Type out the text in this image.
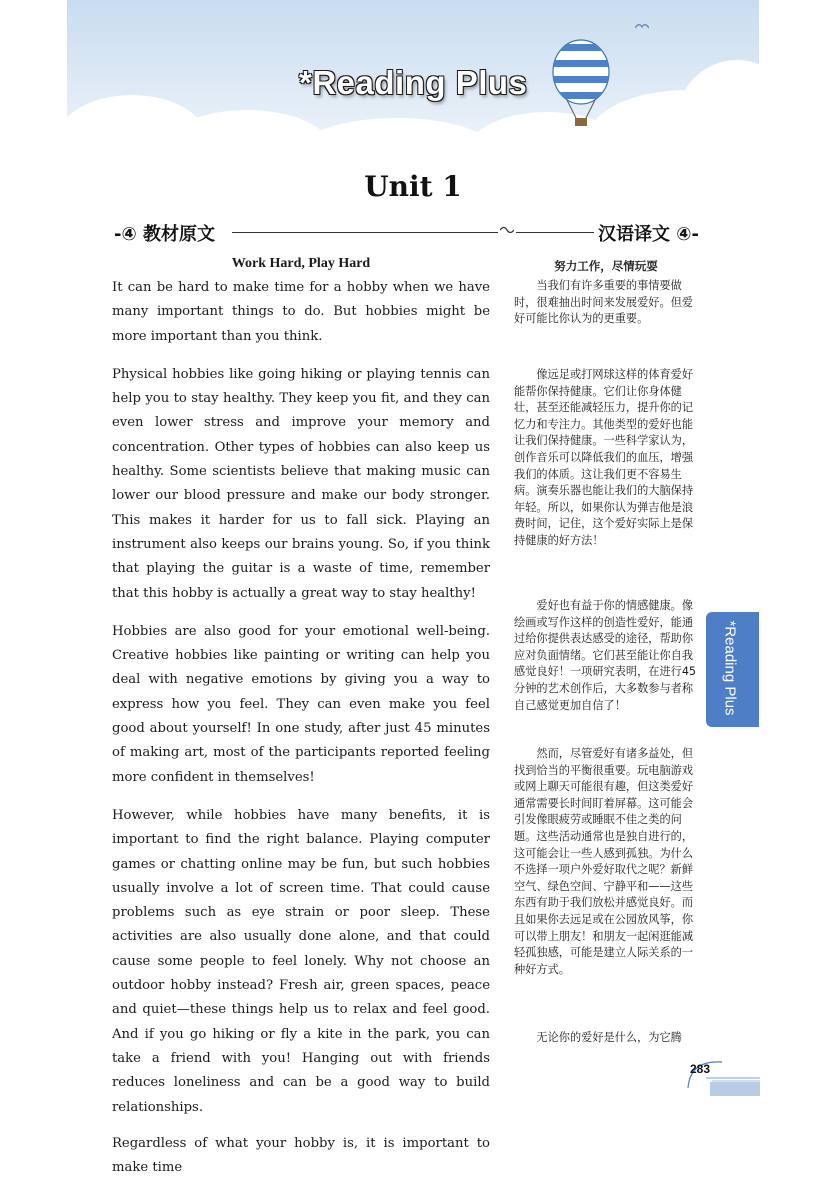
*Reading Plus
Unit 1
-④ 教材原文	汉语译文 ④-
Work Hard, Play Hard

It can be hard to make time for a hobby when we have many important things to do. But hobbies might be more important than you think.

Physical hobbies like going hiking or playing tennis can help you to stay healthy. They keep you fit, and they can even lower stress and improve your memory and concentration. Other types of hobbies can also keep us healthy. Some scientists believe that making music can lower our blood pressure and make our body stronger. This makes it harder for us to fall sick. Playing an instrument also keeps our brains young. So, if you think that playing the guitar is a waste of time, remember that this hobby is actually a great way to stay healthy!

Hobbies are also good for your emotional well-being. Creative hobbies like painting or writing can help you deal with negative emotions by giving you a way to express how you feel. They can even make you feel good about yourself! In one study, after just 45 minutes of making art, most of the participants reported feeling more confident in themselves!

However, while hobbies have many benefits, it is important to find the right balance. Playing computer games or chatting online may be fun, but such hobbies usually involve a lot of screen time. That could cause problems such as eye strain or poor sleep. These activities are also usually done alone, and that could cause some people to feel lonely. Why not choose an outdoor hobby instead? Fresh air, green spaces, peace and quiet—these things help us to relax and feel good. And if you go hiking or fly a kite in the park, you can take a friend with you! Hanging out with friends reduces loneliness and can be a good way to build relationships.

Regardless of what your hobby is, it is important to make time

努力工作，尽情玩耍

当我们有许多重要的事情要做时，很难抽出时间来发展爱好。但爱好可能比你认为的更重要。

像远足或打网球这样的体育爱好能帮你保持健康。它们让你身体健壮，甚至还能减轻压力，提升你的记忆力和专注力。其他类型的爱好也能让我们保持健康。一些科学家认为，创作音乐可以降低我们的血压，增强我们的体质。这让我们更不容易生病。演奏乐器也能让我们的大脑保持年轻。所以，如果你认为弹吉他是浪费时间，记住，这个爱好实际上是保持健康的好方法！

爱好也有益于你的情感健康。像绘画或写作这样的创造性爱好，能通过给你提供表达感受的途径，帮助你应对负面情绪。它们甚至能让你自我感觉良好！一项研究表明，在进行45分钟的艺术创作后，大多数参与者称自己感觉更加自信了！

然而，尽管爱好有诸多益处，但找到恰当的平衡很重要。玩电脑游戏或网上聊天可能很有趣，但这类爱好通常需要长时间盯着屏幕。这可能会引发像眼疲劳或睡眠不佳之类的问题。这些活动通常也是独自进行的，这可能会让一些人感到孤独。为什么不选择一项户外爱好取代之呢？新鲜空气、绿色空间、宁静平和——这些东西有助于我们放松并感觉良好。而且如果你去远足或在公园放风筝，你可以带上朋友！和朋友一起闲逛能减轻孤独感，可能是建立人际关系的一种好方式。

无论你的爱好是什么，为它腾

*Reading Plus
283
